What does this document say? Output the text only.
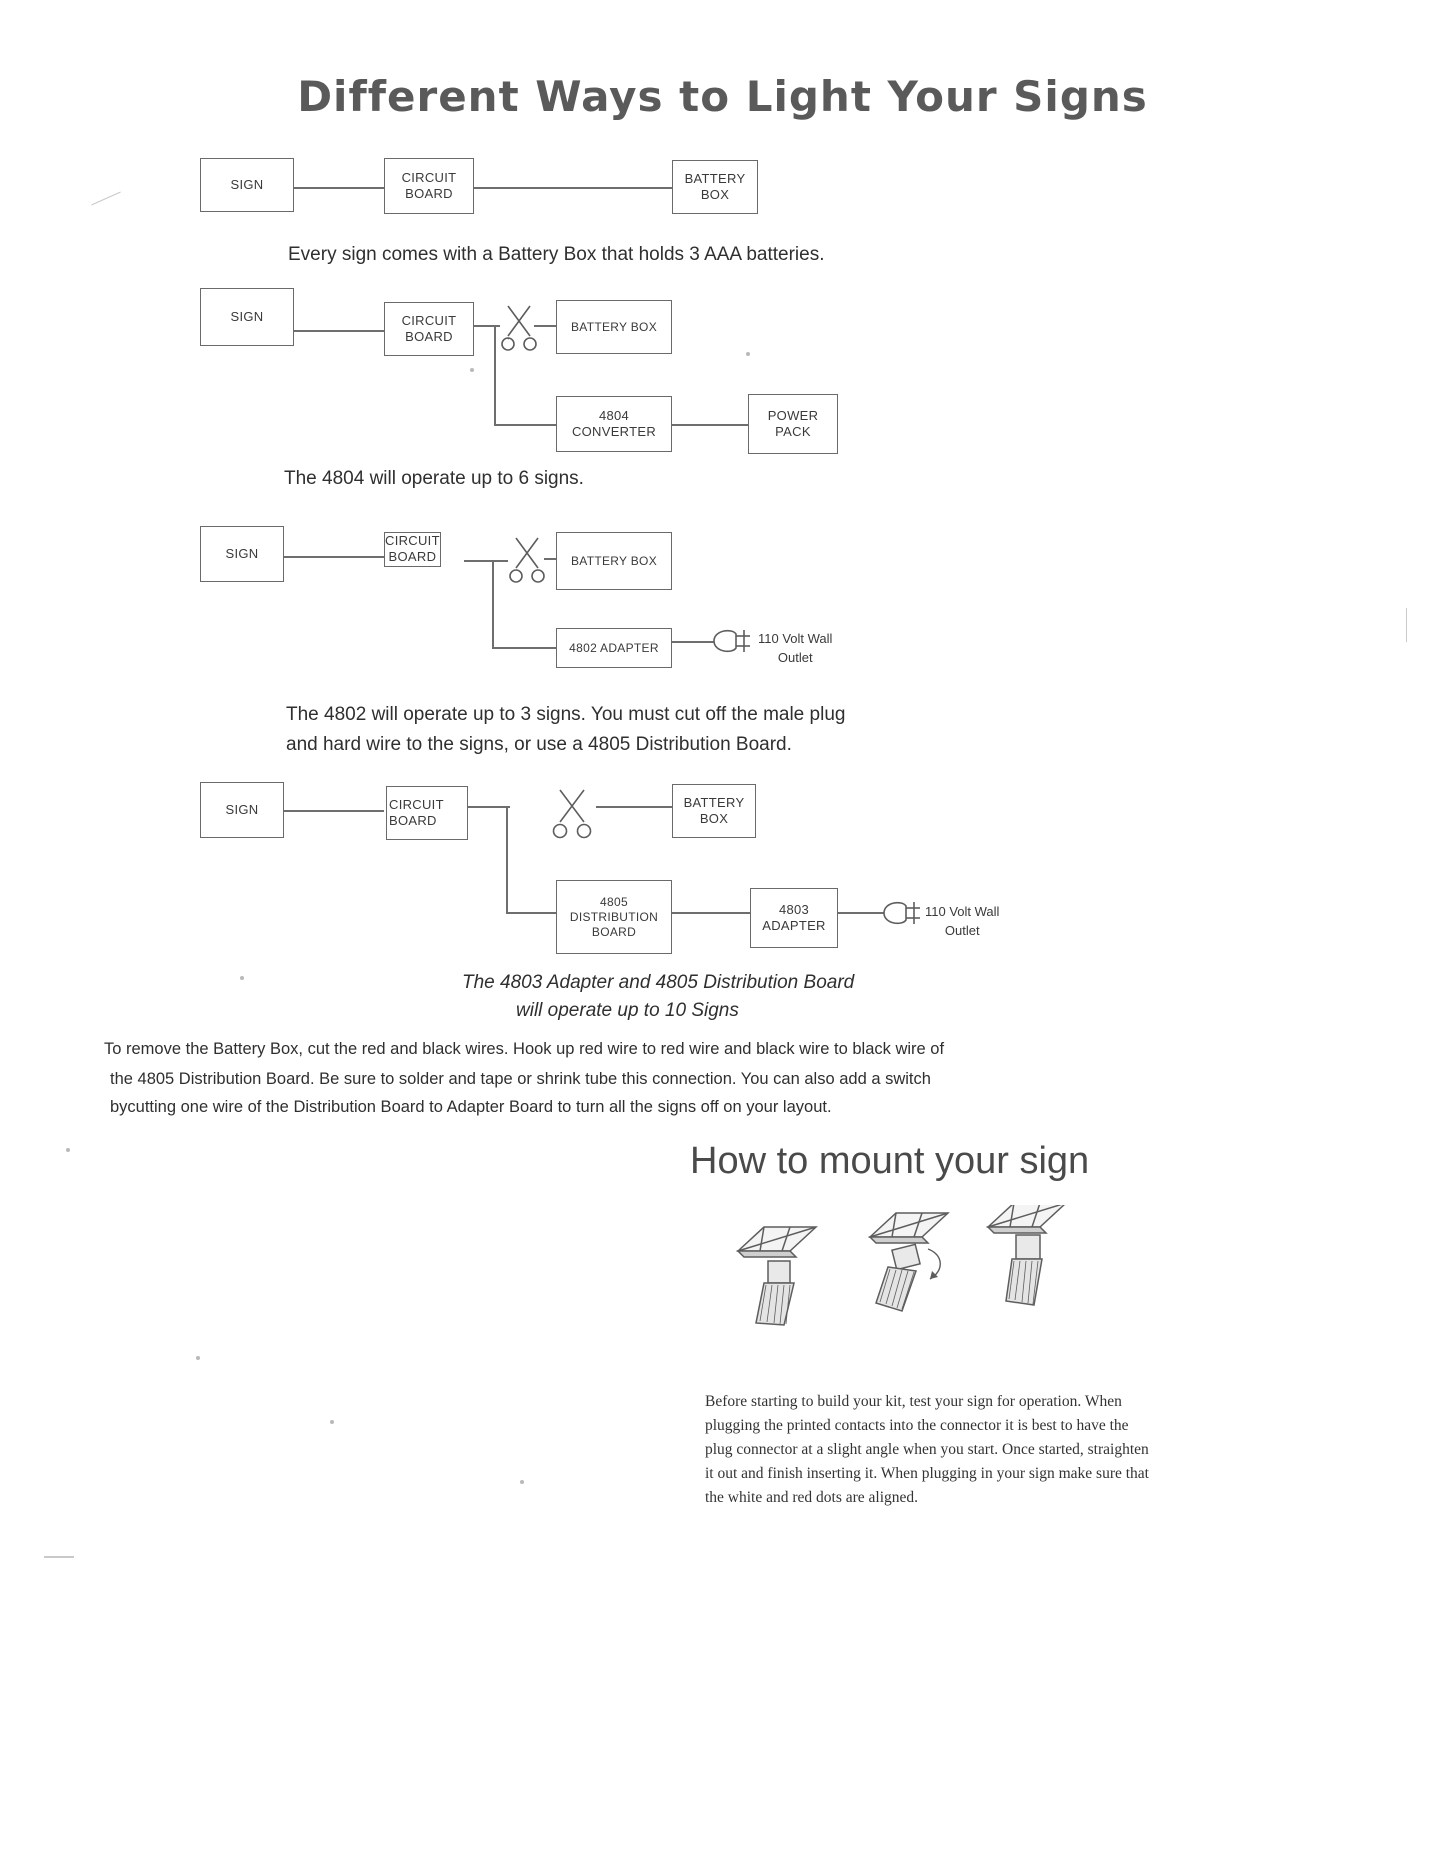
Different Ways to Light Your Signs
SIGN	CIRCUIT
BOARD
BATTERY
BOX
Every sign comes with a Battery Box that holds 3 AAA batteries.
SIGN	CIRCUIT
BOARD
BATTERY BOX
4804
CONVERTER
POWER
PACK
The 4804 will operate up to 6 signs.
SIGN
CIRCUIT
BOARD	BATTERY BOX
4802 ADAPTER
110 Volt Wall
Outlet
The 4802 will operate up to 3 signs. You must cut off the male plug
and hard wire to the signs, or use a 4805 Distribution Board.
SIGN	CIRCUIT
BOARD
BATTERY
BOX
4805
DISTRIBUTION
BOARD
4803
ADAPTER
110 Volt Wall
Outlet
The 4803 Adapter and 4805 Distribution Board
will operate up to 10 Signs
To remove the Battery Box, cut the red and black wires. Hook up red wire to red wire and black wire to black wire of
the 4805 Distribution Board. Be sure to solder and tape or shrink tube this connection. You can also add a switch
bycutting one wire of the Distribution Board to Adapter Board to turn all the signs off on your layout.
How to mount your sign
Before starting to build your kit, test your sign for operation. When plugging the printed contacts into the connector it is best to have the plug connector at a slight angle when you start. Once started, straighten it out and finish inserting it. When plugging in your sign make sure that the white and red dots are aligned.
